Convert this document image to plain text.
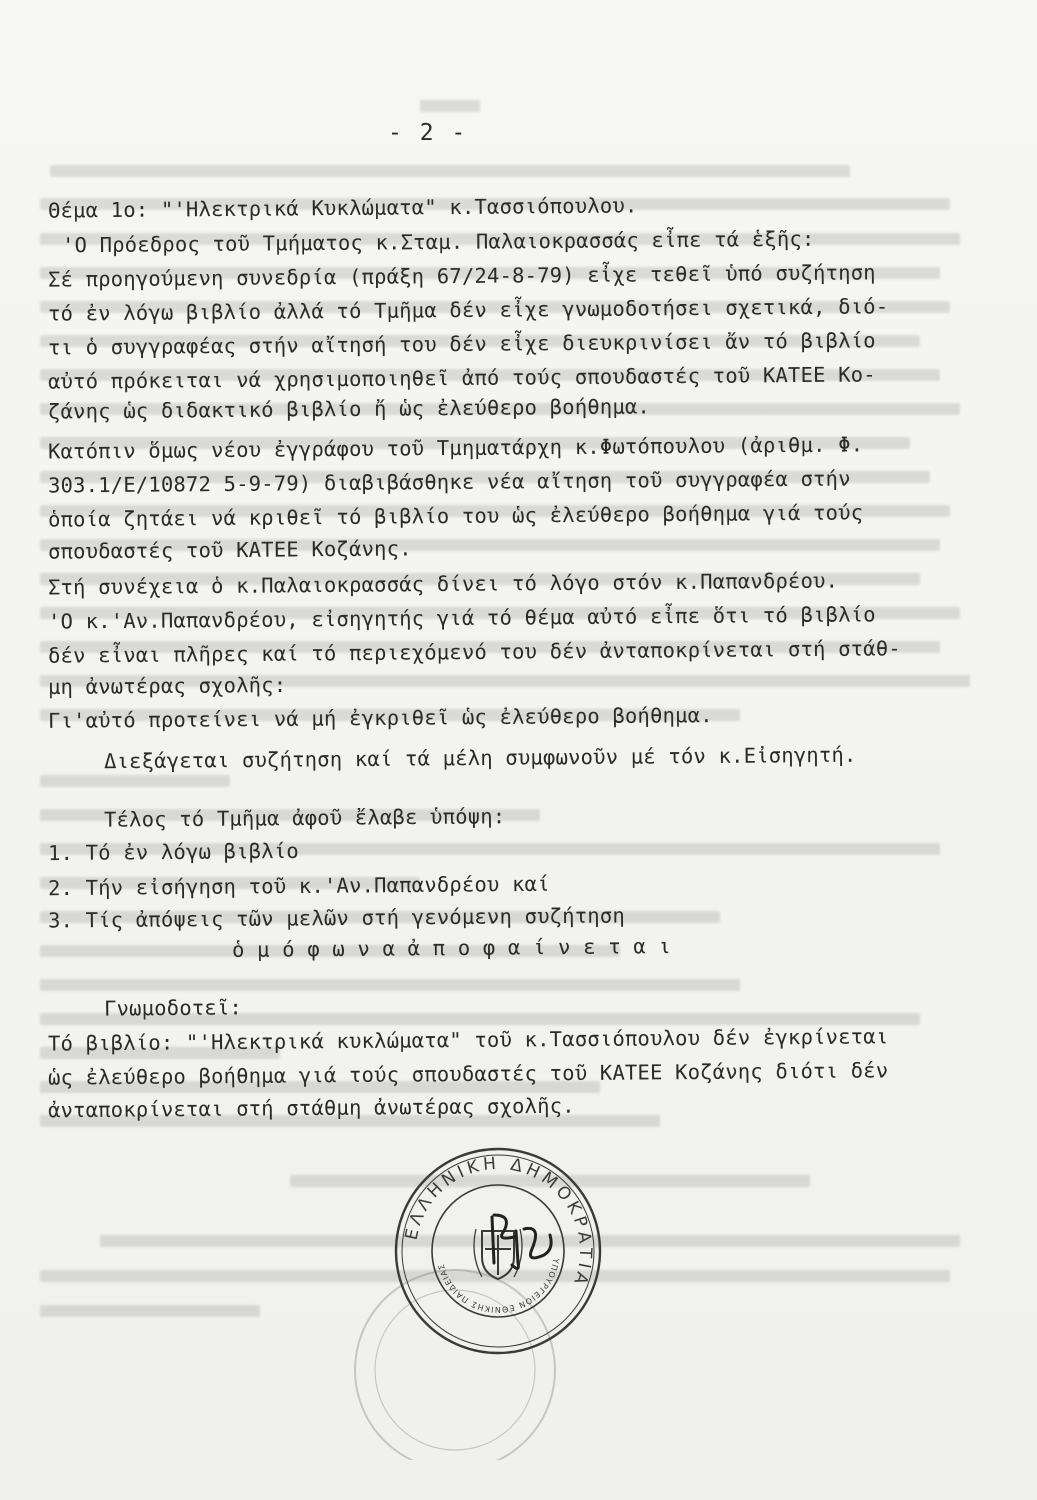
- 2 -
Θέμα 1ο: "'Ηλεκτρικά Κυκλώματα" κ.Τασσιόπουλου.
'Ο Πρόεδρος τοῦ Τμήματος κ.Σταμ. Παλαιοκρασσάς εἶπε τά ἑξῆς:
Σέ προηγούμενη συνεδρία (πράξη 67/24-8-79) εἶχε τεθεῖ ὑπό συζήτηση
τό ἐν λόγω βιβλίο ἀλλά τό Τμῆμα δέν εἶχε γνωμοδοτήσει σχετικά, διό-
τι ὁ συγγραφέας στήν αἴτησή του δέν εἶχε διευκρινίσει ἄν τό βιβλίο
αὐτό πρόκειται νά χρησιμοποιηθεῖ ἀπό τούς σπουδαστές τοῦ ΚΑΤΕΕ Κο-
ζάνης ὡς διδακτικό βιβλίο ἤ ὡς ἐλεύθερο βοήθημα.
Κατόπιν ὅμως νέου ἐγγράφου τοῦ Τμηματάρχη κ.Φωτόπουλου (ἀριθμ. Φ.
303.1/Ε/10872 5-9-79) διαβιβάσθηκε νέα αἴτηση τοῦ συγγραφέα στήν
ὁποία ζητάει νά κριθεῖ τό βιβλίο του ὡς ἐλεύθερο βοήθημα γιά τούς
σπουδαστές τοῦ ΚΑΤΕΕ Κοζάνης.
Στή συνέχεια ὁ κ.Παλαιοκρασσάς δίνει τό λόγο στόν κ.Παπανδρέου.
'Ο κ.'Αν.Παπανδρέου, εἰσηγητής γιά τό θέμα αὐτό εἶπε ὅτι τό βιβλίο
δέν εἶναι πλῆρες καί τό περιεχόμενό του δέν ἀνταποκρίνεται στή στάθ-
μη ἀνωτέρας σχολῆς:
Γι'αὐτό προτείνει νά μή ἐγκριθεῖ ὡς ἐλεύθερο βοήθημα.
Διεξάγεται συζήτηση καί τά μέλη συμφωνοῦν μέ τόν κ.Εἰσηγητή.
Τέλος τό Τμῆμα ἀφοῦ ἔλαβε ὑπόψη:
1. Τό ἐν λόγω βιβλίο
2. Τήν εἰσήγηση τοῦ κ.'Αν.Παπανδρέου καί
3. Τίς ἀπόψεις τῶν μελῶν στή γενόμενη συζήτηση
ὁ μ ό φ ω ν α ἀ π ο φ α ί ν ε τ α ι
Γνωμοδοτεῖ:
Τό βιβλίο: "'Ηλεκτρικά κυκλώματα" τοῦ κ.Τασσιόπουλου δέν ἐγκρίνεται
ὡς ἐλεύθερο βοήθημα γιά τούς σπουδαστές τοῦ ΚΑΤΕΕ Κοζάνης διότι δέν
ἀνταποκρίνεται στή στάθμη ἀνωτέρας σχολῆς.
ΕΛΛΗΝΙΚΗ ΔΗΜΟΚΡΑΤΙΑ
ΥΠΟΥΡΓΕΙΟΝ ΕΘΝΙΚΗΣ ΠΑΙΔΕΙΑΣ
